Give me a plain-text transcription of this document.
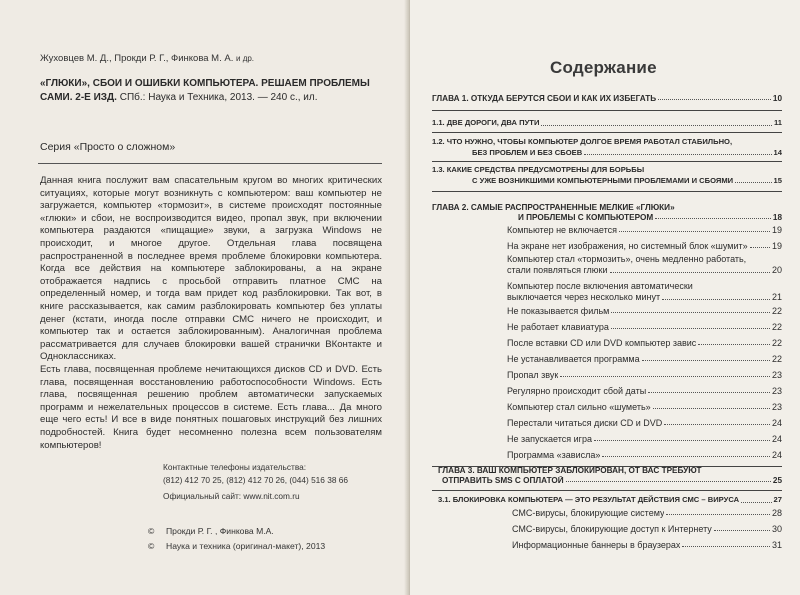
Жуховцев М. Д., Прокди Р. Г., Финкова М. А. и др.
«ГЛЮКИ», СБОИ И ОШИБКИ КОМПЬЮТЕРА. РЕШАЕМ ПРОБЛЕМЫ САМИ. 2-Е ИЗД. СПб.: Наука и Техника, 2013. — 240 с., ил.
Серия «Просто о сложном»
Данная книга послужит вам спасательным кругом во многих критических ситуациях, которые могут возникнуть с компьютером: ваш компьютер не загружается, компьютер «тормозит», в системе происходят постоянные «глюки» и сбои, не воспроизводится видео, пропал звук, при включении компьютера раздаются «пищащие» звуки, а загрузка Windows не происходит, и многое другое. Отдельная глава посвящена распространенной в последнее время проблеме блокировки компьютера. Когда все действия на компьютере заблокированы, а на экране отображается надпись с просьбой отправить платное СМС на определенный номер, и тогда вам придет код разблокировки. Так вот, в книге рассказывается, как самим разблокировать компьютер без уплаты денег (кстати, иногда после отправки СМС ничего не происходит, и компьютер так и остается заблокированным). Аналогичная проблема рассматривается для случаев блокировки вашей странички ВКонтакте и Одноклассниках.
Есть глава, посвященная проблеме нечитающихся дисков CD и DVD. Есть глава, посвященная восстановлению работоспособности Windows. Есть глава, посвященная решению проблем автоматически запускаемых программ и нежелательных процессов в системе. Есть глава... Да много еще чего есть! И все в виде понятных пошаговых инструкций без лишних подробностей. Книга будет несомненно полезна всем пользователям компьютеров!
Контактные телефоны издательства:
(812) 412 70 25, (812) 412 70 26, (044) 516 38 66
Официальный сайт: www.nit.com.ru
© Прокди Р. Г. , Финкова М.А.
© Наука и техника (оригинал-макет), 2013
Содержание
ГЛАВА 1. ОТКУДА БЕРУТСЯ СБОИ И КАК ИХ ИЗБЕГАТЬ	10
1.1. ДВЕ ДОРОГИ, ДВА ПУТИ	11
1.2. ЧТО НУЖНО, ЧТОБЫ КОМПЬЮТЕР ДОЛГОЕ ВРЕМЯ РАБОТАЛ СТАБИЛЬНО,
БЕЗ ПРОБЛЕМ И БЕЗ СБОЕВ	14
1.3. КАКИЕ СРЕДСТВА ПРЕДУСМОТРЕНЫ ДЛЯ БОРЬБЫ
С УЖЕ ВОЗНИКШИМИ КОМПЬЮТЕРНЫМИ ПРОБЛЕМАМИ И СБОЯМИ	15
ГЛАВА 2. САМЫЕ РАСПРОСТРАНЕННЫЕ МЕЛКИЕ «ГЛЮКИ»
И ПРОБЛЕМЫ С КОМПЬЮТЕРОМ	18
Компьютер не включается	19
На экране нет изображения, но системный блок «шумит»	19
Компьютер стал «тормозить», очень медленно работать,
стали появляться глюки	20
Компьютер после включения автоматически
выключается через несколько минут	21
Не показывается фильм	22
Не работает клавиатура	22
После вставки CD или DVD компьютер завис	22
Не устанавливается программа	22
Пропал звук	23
Регулярно происходит сбой даты	23
Компьютер стал сильно «шуметь»	23
Перестали читаться диски CD и DVD	24
Не запускается игра	24
Программа «зависла»	24
ГЛАВА 3. ВАШ КОМПЬЮТЕР ЗАБЛОКИРОВАН, ОТ ВАС ТРЕБУЮТ
ОТПРАВИТЬ SMS С ОПЛАТОЙ	25
3.1. БЛОКИРОВКА КОМПЬЮТЕРА — ЭТО РЕЗУЛЬТАТ ДЕЙСТВИЯ СМС – ВИРУСА	27
СМС-вирусы, блокирующие систему	28
СМС-вирусы, блокирующие доступ к Интернету	30
Информационные баннеры в браузерах	31
